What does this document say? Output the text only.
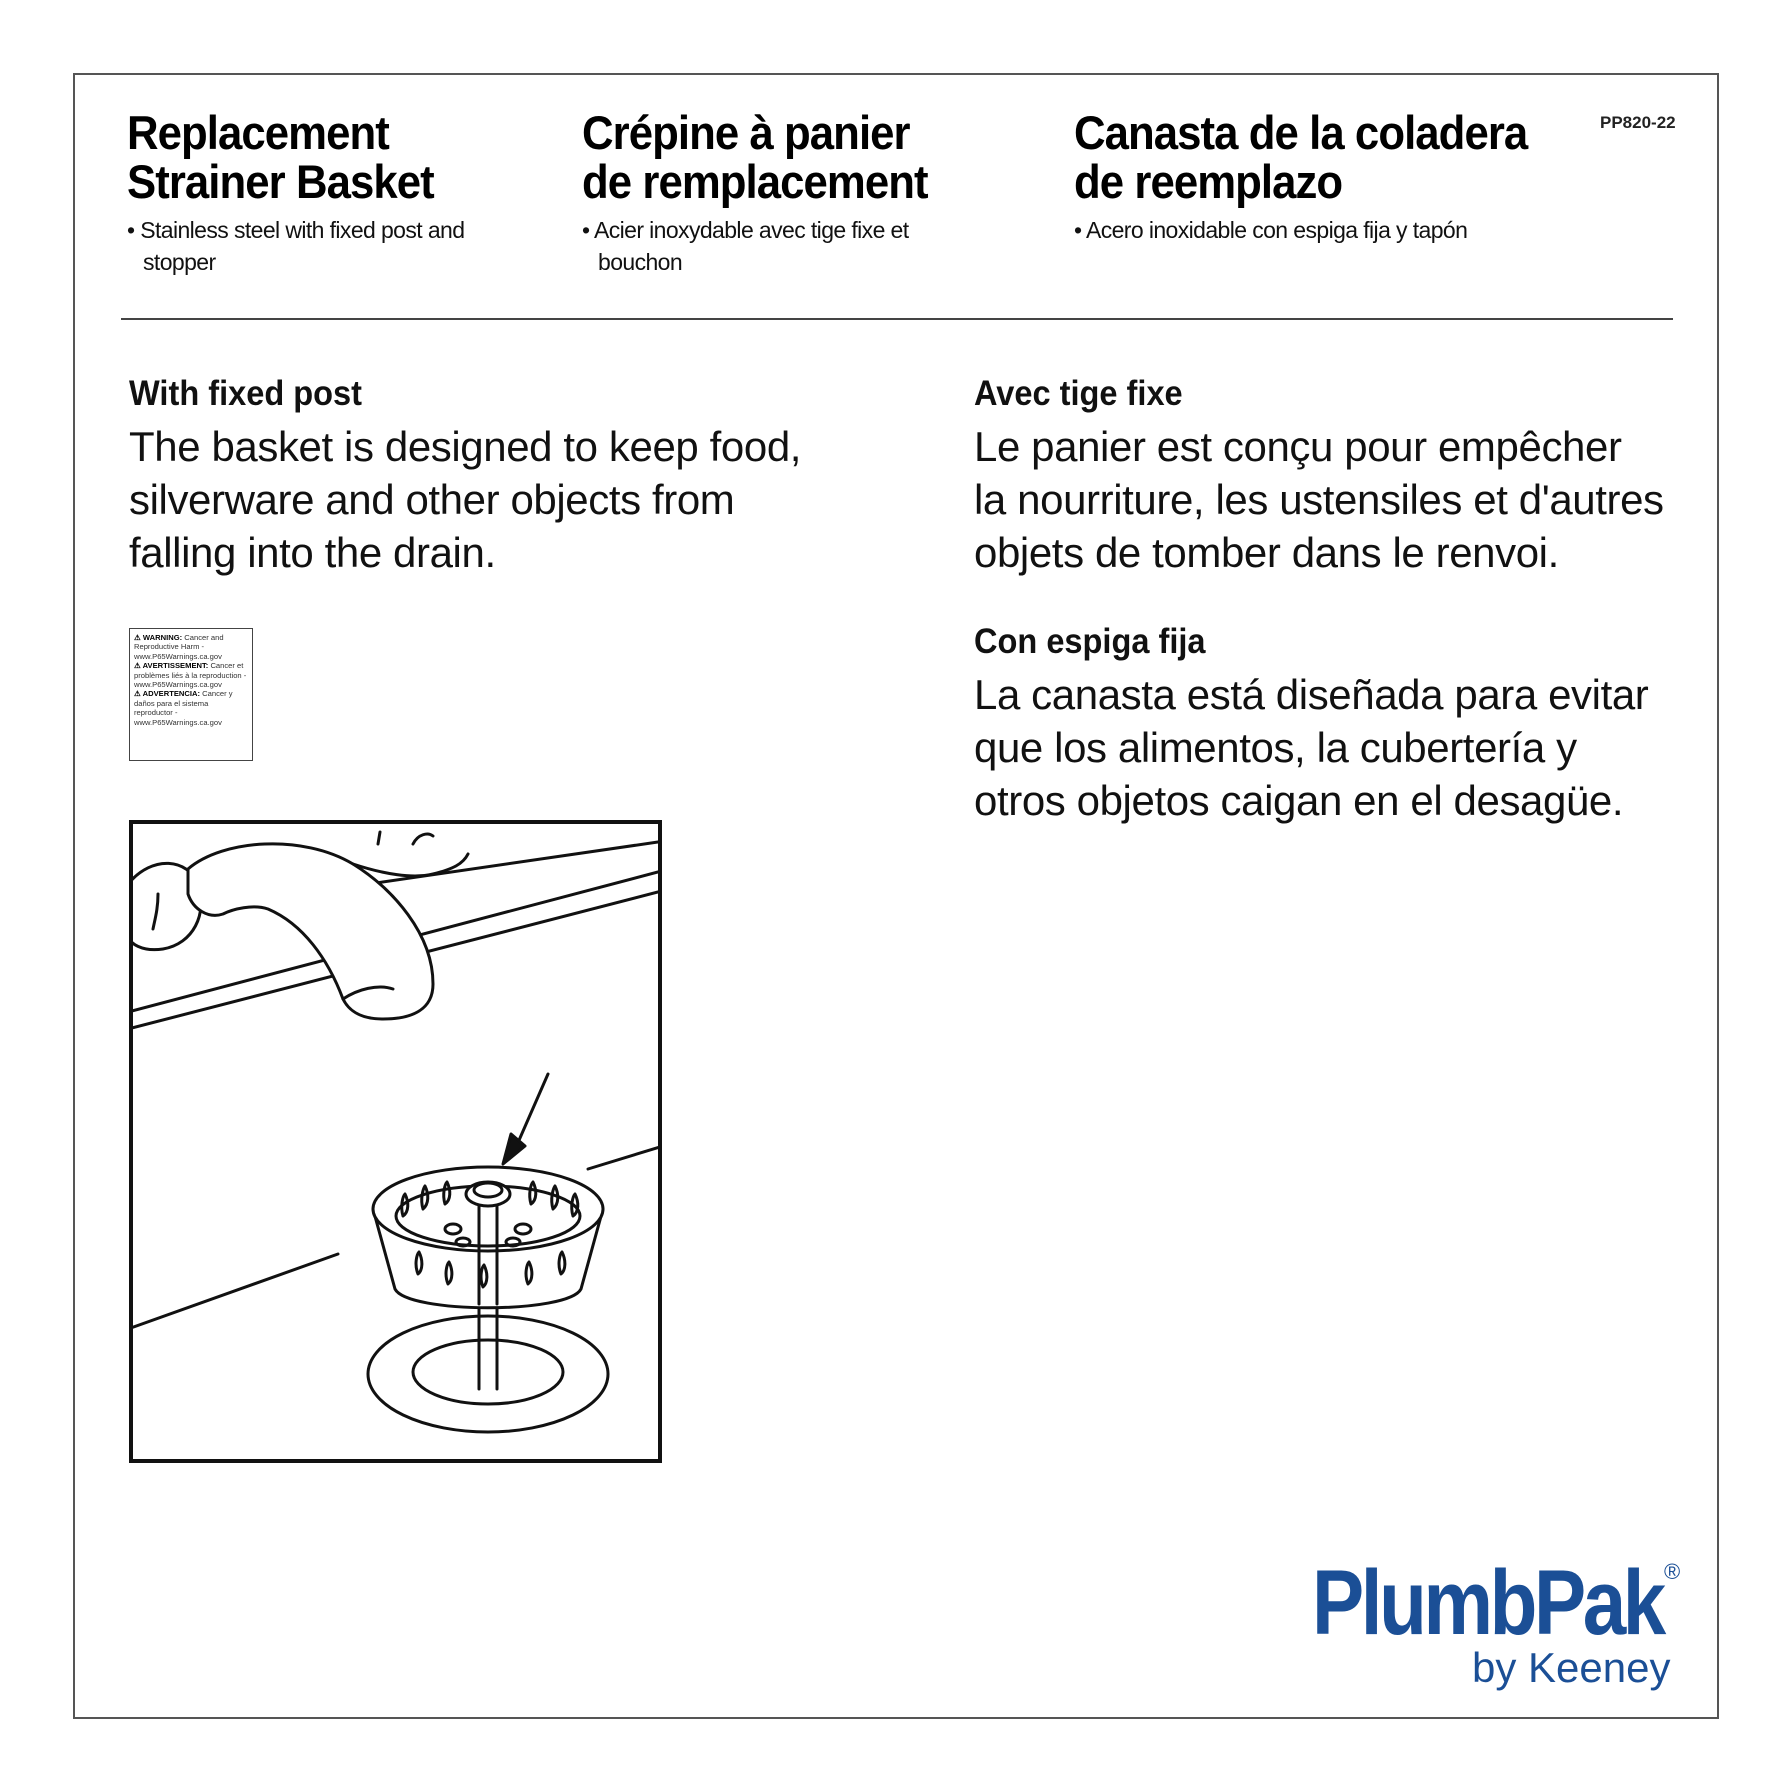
Replacement
Strainer Basket
• Stainless steel with fixed post and stopper
Crépine à panier
de remplacement
• Acier inoxydable avec tige fixe et bouchon
Canasta de la coladera
de reemplazo
• Acero inoxidable con espiga fija y tapón
PP820-22
With fixed post

The basket is designed to keep food, silverware and other objects from falling into the drain.

Avec tige fixe

Le panier est conçu pour empêcher la nourriture, les ustensiles et d'autres objets de tomber dans le renvoi.

Con espiga fija

La canasta está diseñada para evitar que los alimentos, la cubertería y otros objetos caigan en el desagüe.

⚠ WARNING: Cancer and Reproductive Harm - www.P65Warnings.ca.gov
⚠ AVERTISSEMENT: Cancer et problèmes liés à la reproduction - www.P65Warnings.ca.gov
⚠ ADVERTENCIA: Cancer y daños para el sistema reproductor - www.P65Warnings.ca.gov
PlumbPak ®
by Keeney
